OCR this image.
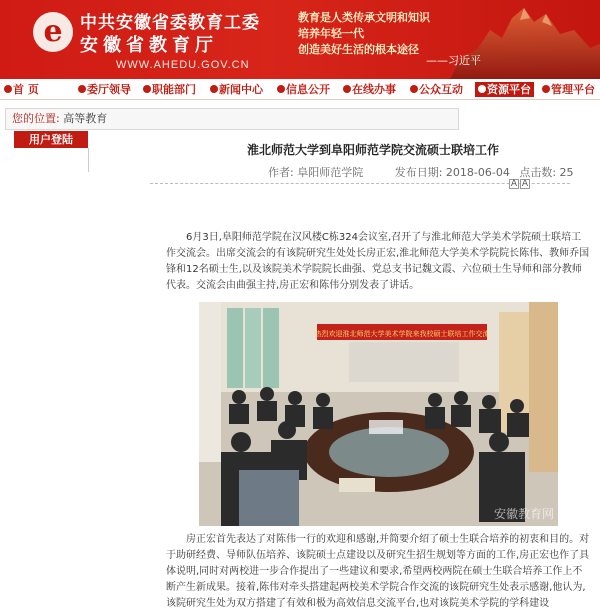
e	中共安徽省委教育工委
安徽省教育厅
WWW.AHEDU.GOV.CN
教育是人类传承文明和知识
培养年轻一代
创造美好生活的根本途径
——习近平
首 页	委厅领导	职能部门	新闻中心	信息公开	在线办事	公众互动	资源平台	管理平台
您的位置: 高等教育
用户登陆
淮北师范大学到阜阳师范学院交流硕士联培工作
作者: 阜阳师范学院	发布日期: 2018-06-04 点击数: 25
A A
6月3日,阜阳师范学院在汉风楼C栋324会议室,召开了与淮北师范大学美术学院硕士联培工作交流会。出席交流会的有该院研究生处处长房正宏,淮北师范大学美术学院院长陈伟、教师乔国锋和12名硕士生,以及该院美术学院院长曲强、党总支书记魏文霞、六位硕士生导师和部分教师代表。交流会由曲强主持,房正宏和陈伟分别发表了讲话。
热烈欢迎淮北师范大学美术学院来我校硕士联培工作交流
安徽教育网
房正宏首先表达了对陈伟一行的欢迎和感谢,并简要介绍了硕士生联合培养的初衷和目的。对于助研经费、导师队伍培养、该院硕士点建设以及研究生招生规划等方面的工作,房正宏也作了具体说明,同时对两校进一步合作提出了一些建议和要求,希望两校两院在硕士生联合培养工作上不断产生新成果。接着,陈伟对牵头搭建起两校美术学院合作交流的该院研究生处表示感谢,他认为,该院研究生处为双方搭建了有效和极为高效信息交流平台,也对该院美术学院的学科建设
